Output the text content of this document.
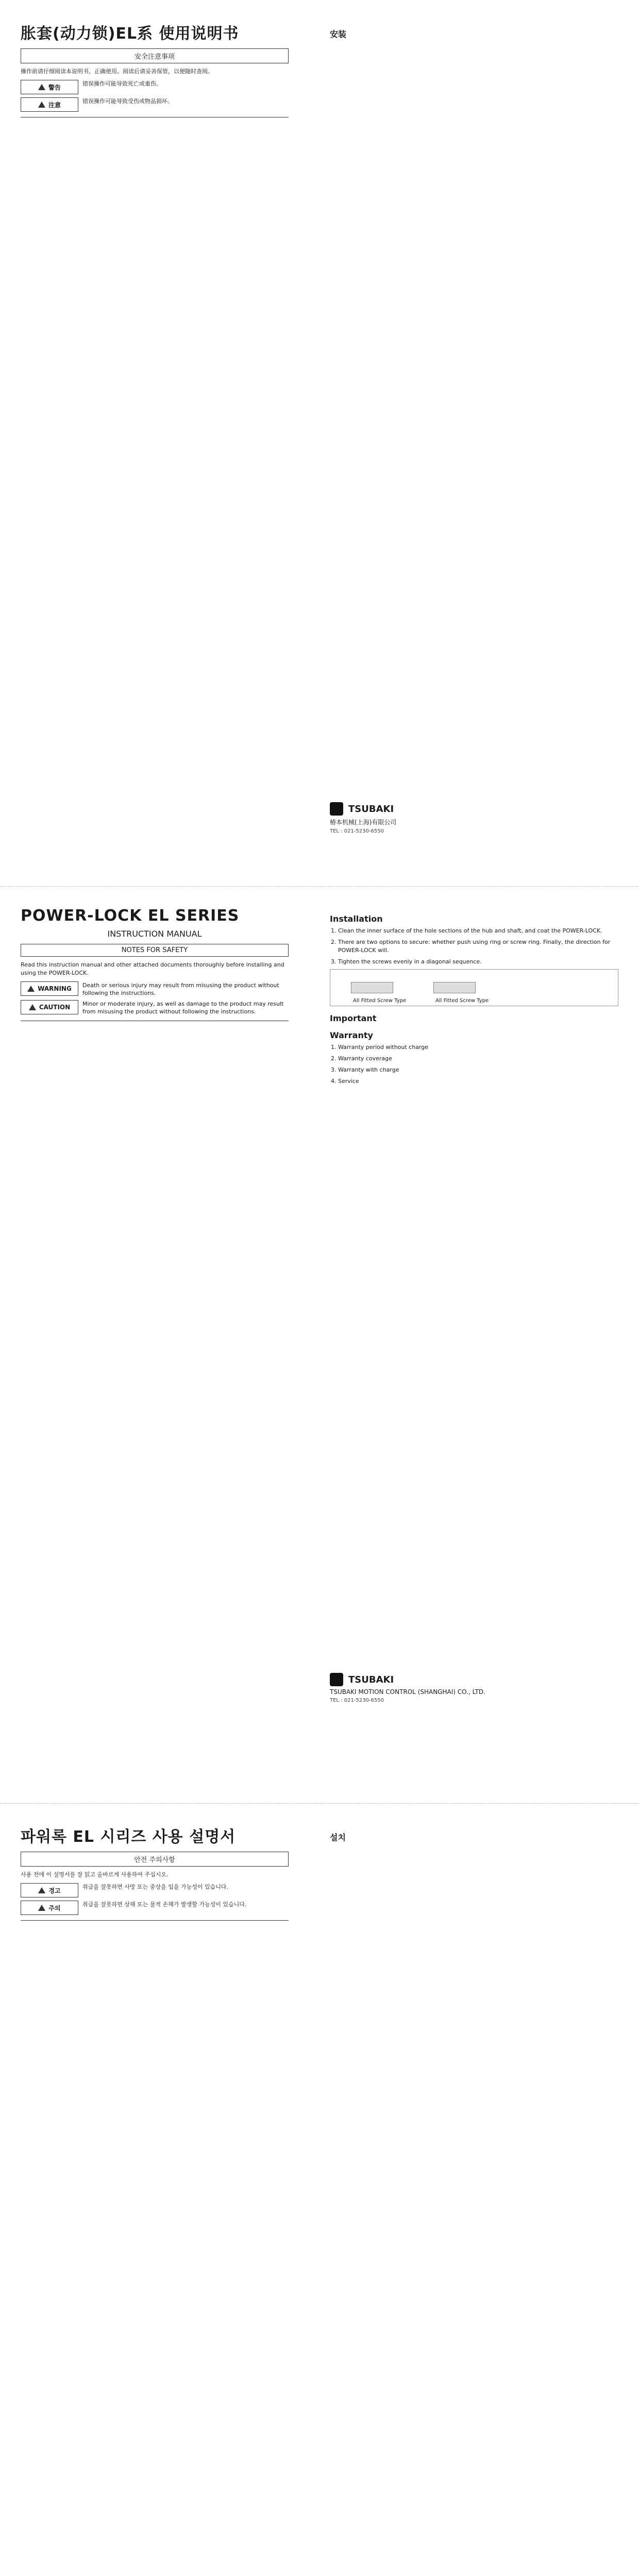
胀套(动力锁)EL系 使用说明书
安全注意事项
操作前请仔细阅读本说明书，正确使用。阅读后请妥善保管，以便随时查阅。
警告	错误操作可能导致死亡或重伤。
注意	错误操作可能导致受伤或物品损坏。
安装
TSUBAKI
椿本机械(上海)有限公司
TEL : 021-5230-6550
POWER-LOCK EL SERIES
INSTRUCTION MANUAL
NOTES FOR SAFETY
Read this instruction manual and other attached documents thoroughly before installing and using the POWER-LOCK.
WARNING Death or serious injury may result from misusing the product without following the instructions.
CAUTION Minor or moderate injury, as well as damage to the product may result from misusing the product without following the instructions.
Installation
1. Clean the inner surface of the hole sections of the hub and shaft, and coat the POWER-LOCK.
2. There are two options to secure: whether push using ring or screw ring. Finally, the direction for POWER-LOCK will.
3. Tighten the screws evenly in a diagonal sequence.
All Fitted Screw Type	All Fitted Screw Type
Important
Warranty
1. Warranty period without charge
2. Warranty coverage
3. Warranty with charge
4. Service
TSUBAKI
TSUBAKI MOTION CONTROL (SHANGHAI) CO., LTD.
TEL : 021-5230-6550
파워록 EL 시리즈 사용 설명서
안전 주의사항
사용 전에 이 설명서를 잘 읽고 올바르게 사용하여 주십시오.
경고	취급을 잘못하면 사망 또는 중상을 입을 가능성이 있습니다.
주의	취급을 잘못하면 상해 또는 물적 손해가 발생할 가능성이 있습니다.
설치
